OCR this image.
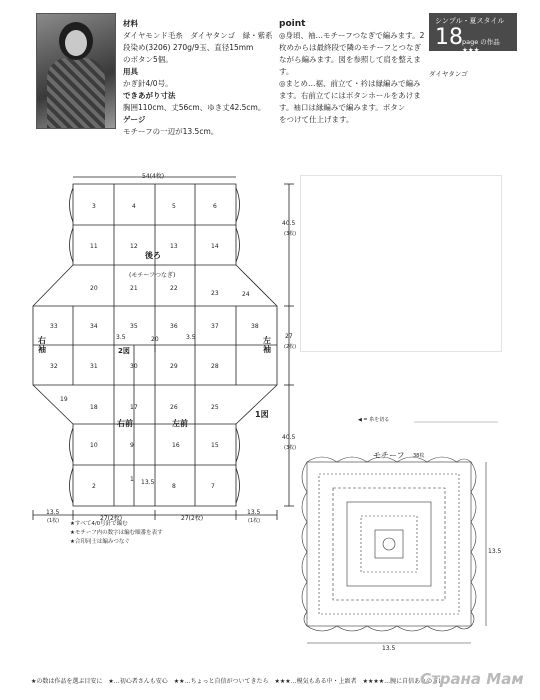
材料
ダイヤモンド毛糸　ダイヤタンゴ　緑・紫系
段染め(3206) 270g/9玉、直径15mm
のボタン5個。
用具
かぎ針4/0号。
できあがり寸法
胸囲110cm、丈56cm、ゆき丈42.5cm。
ゲージ
モチーフの一辺が13.5cm。
point
◎身頃、袖…モチーフつなぎで編みます。2
枚めからは最終段で隣のモチーフとつなぎ
ながら編みます。図を参照して肩を整えます。
◎まとめ…裾、前立て・衿は縁編みで編み
ます。右前立てにはボタンホールをあけま
す。袖口は縁編みで編みます。ボタン
をつけて仕上げます。
シンプル・夏スタイル
18 page の作品 ★★★
ダイヤタンゴ
54(4枚)
3	4	5	6
11	12	13	14
20	21	22
23	24
33	34	35	36	37	38
32	31	30	29	28
19
18	17	26	25
10	9	16	15
2
1
8	7
後ろ
(モチーフつなぎ)
右袖
左袖
右前	左前
2図
1図
3.5	20	3.5
13.5
40.5
(3枚)
27
(2枚)
40.5
(3枚)
13.5
(1枚)	27(2枚)	27(2枚)
13.5
(1枚)
◀ = 糸を切る
モチーフ 38枚
13.5
13.5
★すべて4/0号針で編む
★モチーフ内の数字は編む順番を表す
★合印同士は編みつなぐ
★の数は作品を選ぶ目安に　★…初心者さんも安心　★★…ちょっと自信がついてきたら　★★★…模気もある中・上級者　★★★★…腕に自信ありの方に
Страна Мам
